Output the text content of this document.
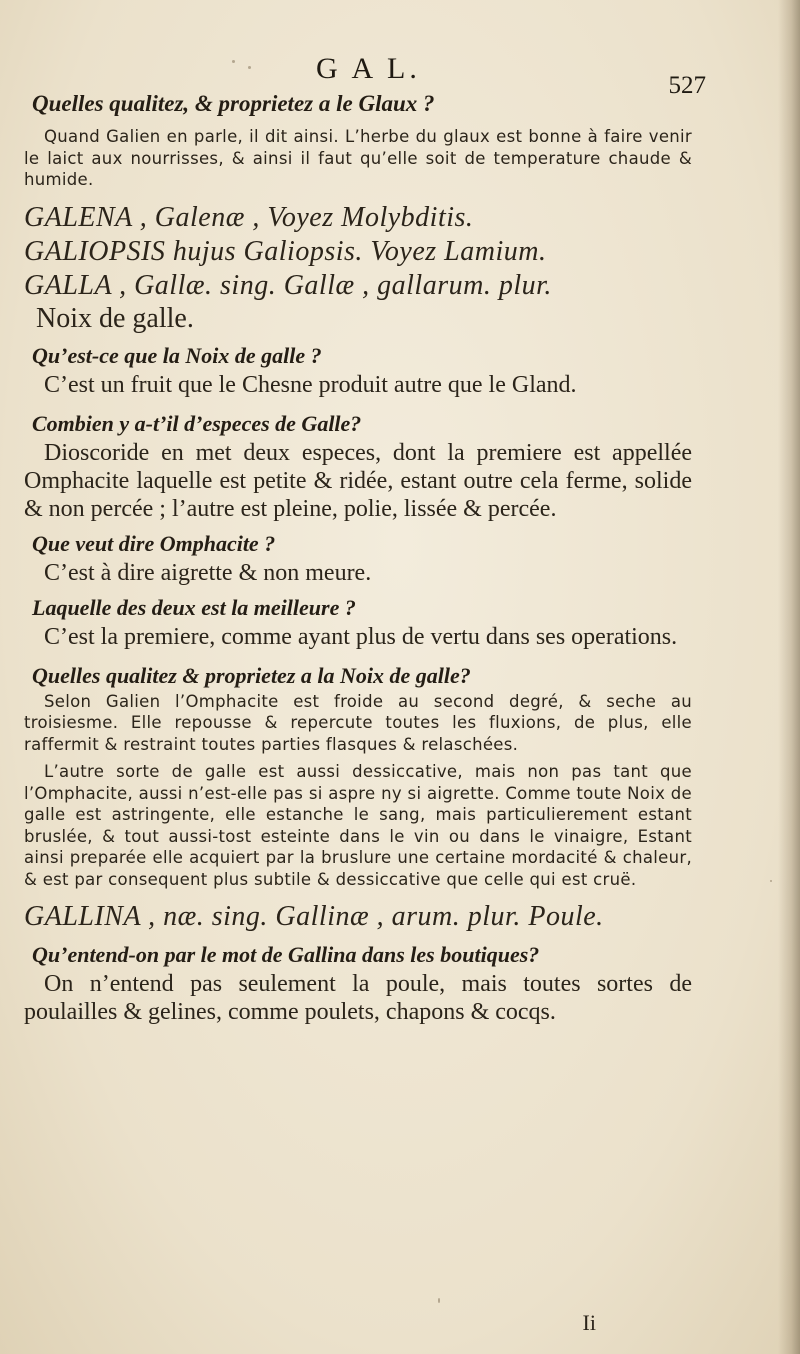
G A L.
527

Quelles qualitez, & proprietez a le Glaux ?

Quand Galien en parle, il dit ainsi. L’herbe du glaux est bonne à faire venir le laict aux nourrisses, & ainsi il faut qu’elle soit de temperature chaude & humide.

GALENA , Galenæ , Voyez Molybditis.

GALIOPSIS hujus Galiopsis. Voyez Lamium.

GALLA , Gallæ. sing. Gallæ , gallarum. plur.

Noix de galle.

Qu’est-ce que la Noix de galle ?

C’est un fruit que le Chesne produit autre que le Gland.

Combien y a-t’il d’especes de Galle?

Dioscoride en met deux especes, dont la premiere est appellée Omphacite laquelle est petite & ridée, estant outre cela ferme, solide & non percée ; l’autre est pleine, polie, lissée & percée.

Que veut dire Omphacite ?

C’est à dire aigrette & non meure.

Laquelle des deux est la meilleure ?

C’est la premiere, comme ayant plus de vertu dans ses operations.

Quelles qualitez & proprietez a la Noix de galle?

Selon Galien l’Omphacite est froide au second degré, & seche au troisiesme. Elle repousse & repercute toutes les fluxions, de plus, elle raffermit & restraint toutes parties flasques & relaschées.

L’autre sorte de galle est aussi dessiccative, mais non pas tant que l’Omphacite, aussi n’est-elle pas si aspre ny si aigrette. Comme toute Noix de galle est astringente, elle estanche le sang, mais particulierement estant bruslée, & tout aussi-tost esteinte dans le vin ou dans le vinaigre, Estant ainsi preparée elle acquiert par la bruslure une certaine mordacité & chaleur, & est par consequent plus subtile & dessiccative que celle qui est cruë.

GALLINA , næ. sing. Gallinæ , arum. plur. Poule.

Qu’entend-on par le mot de Gallina dans les boutiques?

On n’entend pas seulement la poule, mais toutes sortes de poulailles & gelines, comme poulets, chapons & cocqs.

Ii
